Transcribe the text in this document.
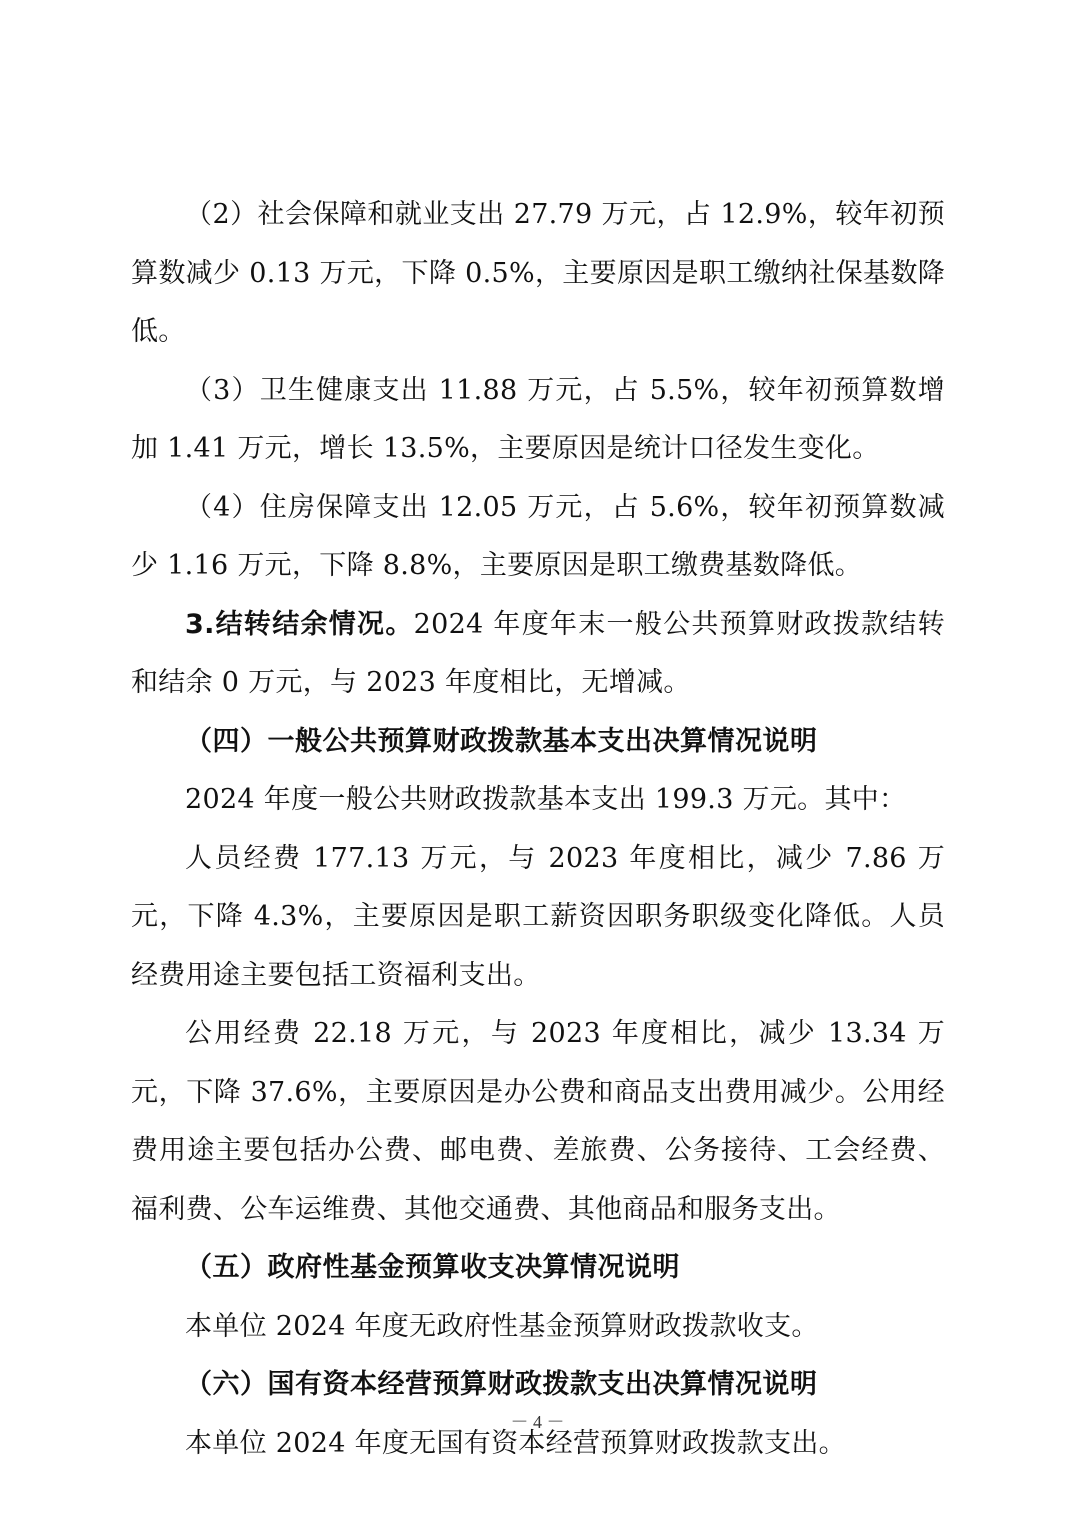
（2）社会保障和就业支出 27.79 万元，占 12.9%，较年初预算数减少 0.13 万元，下降 0.5%，主要原因是职工缴纳社保基数降低。

（3）卫生健康支出 11.88 万元，占 5.5%，较年初预算数增加 1.41 万元，增长 13.5%，主要原因是统计口径发生变化。

（4）住房保障支出 12.05 万元，占 5.6%，较年初预算数减少 1.16 万元，下降 8.8%，主要原因是职工缴费基数降低。

3.结转结余情况。2024 年度年末一般公共预算财政拨款结转和结余 0 万元，与 2023 年度相比，无增减。

（四）一般公共预算财政拨款基本支出决算情况说明

2024 年度一般公共财政拨款基本支出 199.3 万元。其中：

人员经费 177.13 万元，与 2023 年度相比，减少 7.86 万元，下降 4.3%，主要原因是职工薪资因职务职级变化降低。人员经费用途主要包括工资福利支出。

公用经费 22.18 万元，与 2023 年度相比，减少 13.34 万元，下降 37.6%，主要原因是办公费和商品支出费用减少。公用经费用途主要包括办公费、邮电费、差旅费、公务接待、工会经费、福利费、公车运维费、其他交通费、其他商品和服务支出。

（五）政府性基金预算收支决算情况说明

本单位 2024 年度无政府性基金预算财政拨款收支。

（六）国有资本经营预算财政拨款支出决算情况说明

本单位 2024 年度无国有资本经营预算财政拨款支出。

－ 4 －
